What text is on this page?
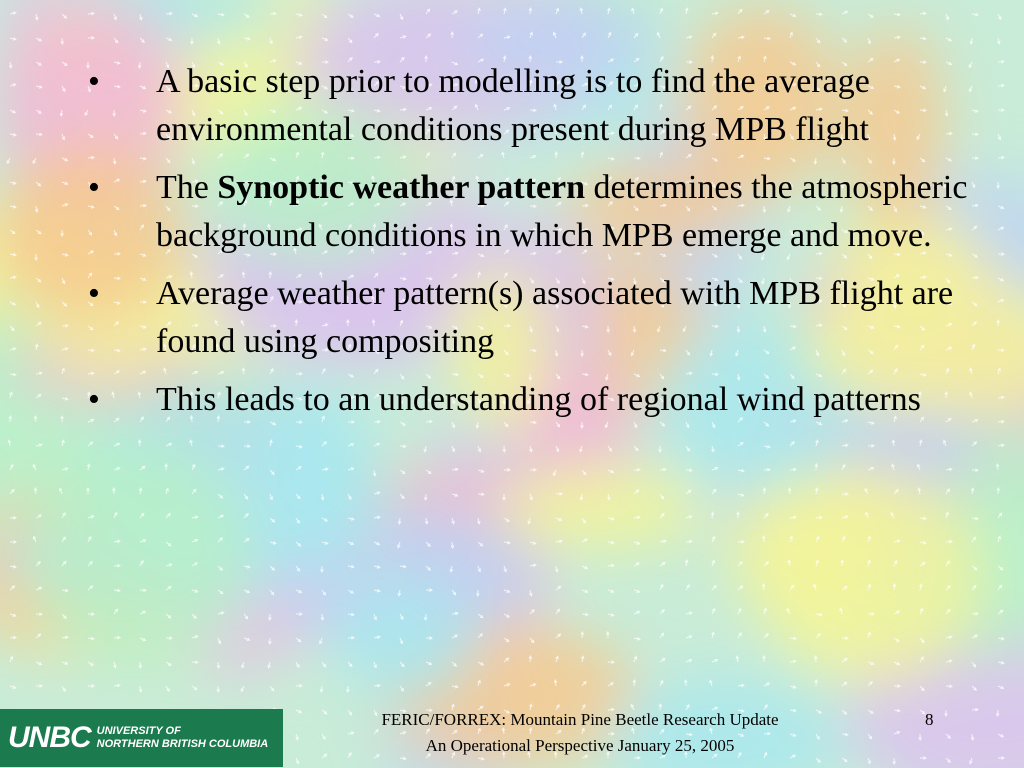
• A basic step prior to modelling is to find the average environmental conditions present during MPB flight
• The Synoptic weather pattern determines the atmospheric background conditions in which MPB emerge and move.
• Average weather pattern(s) associated with MPB flight are found using compositing
• This leads to an understanding of regional wind patterns
UNBC UNIVERSITY OF
NORTHERN BRITISH COLUMBIA
FERIC/FORREX: Mountain Pine Beetle Research Update
An Operational Perspective January 25, 2005
8
